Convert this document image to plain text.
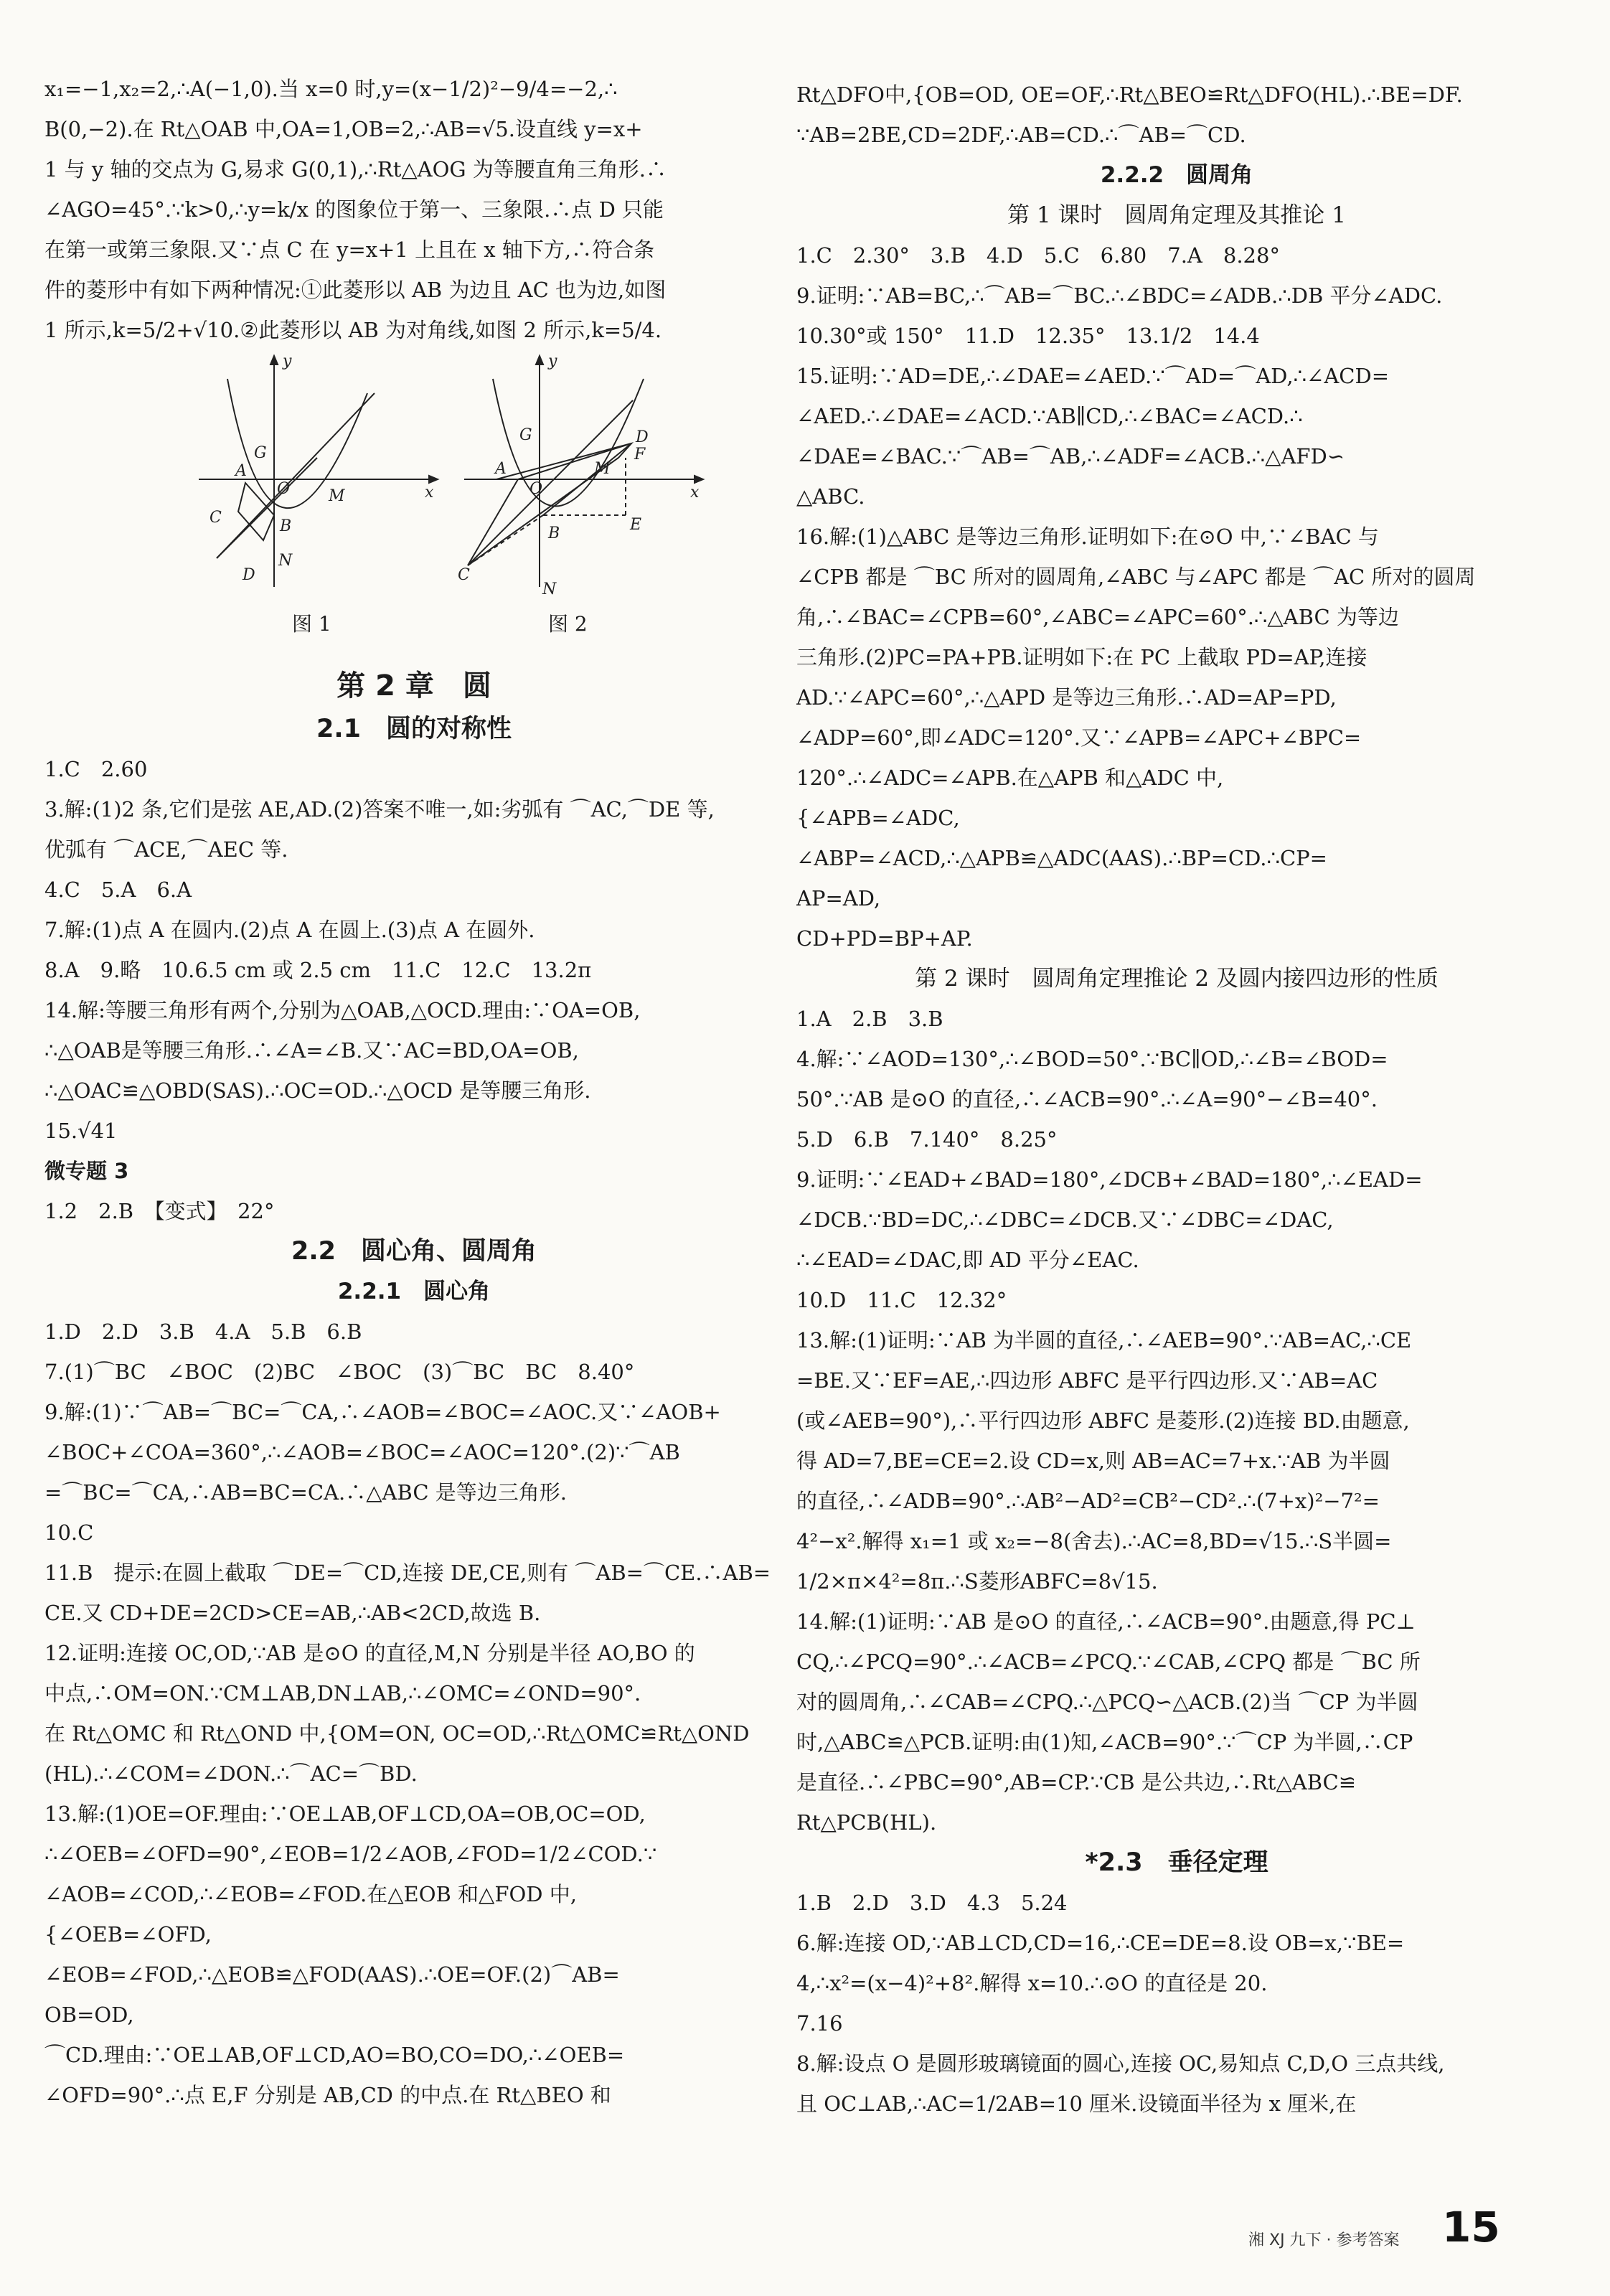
x₁=−1,x₂=2,∴A(−1,0).当 x=0 时,y=(x−1/2)²−9/4=−2,∴
B(0,−2).在 Rt△OAB 中,OA=1,OB=2,∴AB=√5.设直线 y=x+
1 与 y 轴的交点为 G,易求 G(0,1),∴Rt△AOG 为等腰直角三角形.∴
∠AGO=45°.∵k>0,∴y=k/x 的图象位于第一、三象限.∴点 D 只能
在第一或第三象限.又∵点 C 在 y=x+1 上且在 x 轴下方,∴符合条
件的菱形中有如下两种情况:①此菱形以 AB 为边且 AC 也为边,如图
1 所示,k=5/2+√10.②此菱形以 AB 为对角线,如图 2 所示,k=5/4.
y
x
G
A
C
O
B
M
D
N
图 1
y
x
G
A
C
O
B
M
D
F
E
N
图 2
第 2 章　圆
2.1　圆的对称性
1.C　2.60
3.解:(1)2 条,它们是弦 AE,AD.(2)答案不唯一,如:劣弧有 ⌒AC,⌒DE 等,
优弧有 ⌒ACE,⌒AEC 等.
4.C　5.A　6.A
7.解:(1)点 A 在圆内.(2)点 A 在圆上.(3)点 A 在圆外.
8.A　9.略　10.6.5 cm 或 2.5 cm　11.C　12.C　13.2π
14.解:等腰三角形有两个,分别为△OAB,△OCD.理由:∵OA=OB,
∴△OAB是等腰三角形.∴∠A=∠B.又∵AC=BD,OA=OB,
∴△OAC≌△OBD(SAS).∴OC=OD.∴△OCD 是等腰三角形.
15.√41
微专题 3
1.2　2.B　【变式】　22°
2.2　圆心角、圆周角
2.2.1　圆心角
1.D　2.D　3.B　4.A　5.B　6.B
7.(1)⌒BC　∠BOC　(2)BC　∠BOC　(3)⌒BC　BC　8.40°
9.解:(1)∵⌒AB=⌒BC=⌒CA,∴∠AOB=∠BOC=∠AOC.又∵∠AOB+
∠BOC+∠COA=360°,∴∠AOB=∠BOC=∠AOC=120°.(2)∵⌒AB
=⌒BC=⌒CA,∴AB=BC=CA.∴△ABC 是等边三角形.
10.C
11.B　提示:在圆上截取 ⌒DE=⌒CD,连接 DE,CE,则有 ⌒AB=⌒CE.∴AB=
CE.又 CD+DE=2CD>CE=AB,∴AB<2CD,故选 B.
12.证明:连接 OC,OD,∵AB 是⊙O 的直径,M,N 分别是半径 AO,BO 的
中点,∴OM=ON.∵CM⊥AB,DN⊥AB,∴∠OMC=∠OND=90°.
在 Rt△OMC 和 Rt△OND 中,{OM=ON, OC=OD,∴Rt△OMC≌Rt△OND
(HL).∴∠COM=∠DON.∴⌒AC=⌒BD.
13.解:(1)OE=OF.理由:∵OE⊥AB,OF⊥CD,OA=OB,OC=OD,
∴∠OEB=∠OFD=90°,∠EOB=1/2∠AOB,∠FOD=1/2∠COD.∵
∠AOB=∠COD,∴∠EOB=∠FOD.在△EOB 和△FOD 中,
{∠OEB=∠OFD,
∠EOB=∠FOD,∴△EOB≌△FOD(AAS).∴OE=OF.(2)⌒AB=
OB=OD,
⌒CD.理由:∵OE⊥AB,OF⊥CD,AO=BO,CO=DO,∴∠OEB=
∠OFD=90°.∴点 E,F 分别是 AB,CD 的中点.在 Rt△BEO 和
Rt△DFO中,{OB=OD, OE=OF,∴Rt△BEO≌Rt△DFO(HL).∴BE=DF.
∵AB=2BE,CD=2DF,∴AB=CD.∴⌒AB=⌒CD.
2.2.2　圆周角
第 1 课时　圆周角定理及其推论 1
1.C　2.30°　3.B　4.D　5.C　6.80　7.A　8.28°
9.证明:∵AB=BC,∴⌒AB=⌒BC.∴∠BDC=∠ADB.∴DB 平分∠ADC.
10.30°或 150°　11.D　12.35°　13.1/2　14.4
15.证明:∵AD=DE,∴∠DAE=∠AED.∵⌒AD=⌒AD,∴∠ACD=
∠AED.∴∠DAE=∠ACD.∵AB∥CD,∴∠BAC=∠ACD.∴
∠DAE=∠BAC.∵⌒AB=⌒AB,∴∠ADF=∠ACB.∴△AFD∽
△ABC.
16.解:(1)△ABC 是等边三角形.证明如下:在⊙O 中,∵∠BAC 与
∠CPB 都是 ⌒BC 所对的圆周角,∠ABC 与∠APC 都是 ⌒AC 所对的圆周
角,∴∠BAC=∠CPB=60°,∠ABC=∠APC=60°.∴△ABC 为等边
三角形.(2)PC=PA+PB.证明如下:在 PC 上截取 PD=AP,连接
AD.∵∠APC=60°,∴△APD 是等边三角形.∴AD=AP=PD,
∠ADP=60°,即∠ADC=120°.又∵∠APB=∠APC+∠BPC=
120°.∴∠ADC=∠APB.在△APB 和△ADC 中,
{∠APB=∠ADC,
∠ABP=∠ACD,∴△APB≌△ADC(AAS).∴BP=CD.∴CP=
AP=AD,
CD+PD=BP+AP.
第 2 课时　圆周角定理推论 2 及圆内接四边形的性质
1.A　2.B　3.B
4.解:∵∠AOD=130°,∴∠BOD=50°.∵BC∥OD,∴∠B=∠BOD=
50°.∵AB 是⊙O 的直径,∴∠ACB=90°.∴∠A=90°−∠B=40°.
5.D　6.B　7.140°　8.25°
9.证明:∵∠EAD+∠BAD=180°,∠DCB+∠BAD=180°,∴∠EAD=
∠DCB.∵BD=DC,∴∠DBC=∠DCB.又∵∠DBC=∠DAC,
∴∠EAD=∠DAC,即 AD 平分∠EAC.
10.D　11.C　12.32°
13.解:(1)证明:∵AB 为半圆的直径,∴∠AEB=90°.∵AB=AC,∴CE
=BE.又∵EF=AE,∴四边形 ABFC 是平行四边形.又∵AB=AC
(或∠AEB=90°),∴平行四边形 ABFC 是菱形.(2)连接 BD.由题意,
得 AD=7,BE=CE=2.设 CD=x,则 AB=AC=7+x.∵AB 为半圆
的直径,∴∠ADB=90°.∴AB²−AD²=CB²−CD².∴(7+x)²−7²=
4²−x².解得 x₁=1 或 x₂=−8(舍去).∴AC=8,BD=√15.∴S半圆=
1/2×π×4²=8π.∴S菱形ABFC=8√15.
14.解:(1)证明:∵AB 是⊙O 的直径,∴∠ACB=90°.由题意,得 PC⊥
CQ,∴∠PCQ=90°.∴∠ACB=∠PCQ.∵∠CAB,∠CPQ 都是 ⌒BC 所
对的圆周角,∴∠CAB=∠CPQ.∴△PCQ∽△ACB.(2)当 ⌒CP 为半圆
时,△ABC≌△PCB.证明:由(1)知,∠ACB=90°.∵⌒CP 为半圆,∴CP
是直径.∴∠PBC=90°,AB=CP.∵CB 是公共边,∴Rt△ABC≌
Rt△PCB(HL).
*2.3　垂径定理
1.B　2.D　3.D　4.3　5.24
6.解:连接 OD,∵AB⊥CD,CD=16,∴CE=DE=8.设 OB=x,∵BE=
4,∴x²=(x−4)²+8².解得 x=10.∴⊙O 的直径是 20.
7.16
8.解:设点 O 是圆形玻璃镜面的圆心,连接 OC,易知点 C,D,O 三点共线,
且 OC⊥AB,∴AC=1/2AB=10 厘米.设镜面半径为 x 厘米,在
湘 XJ 九下 · 参考答案 15
